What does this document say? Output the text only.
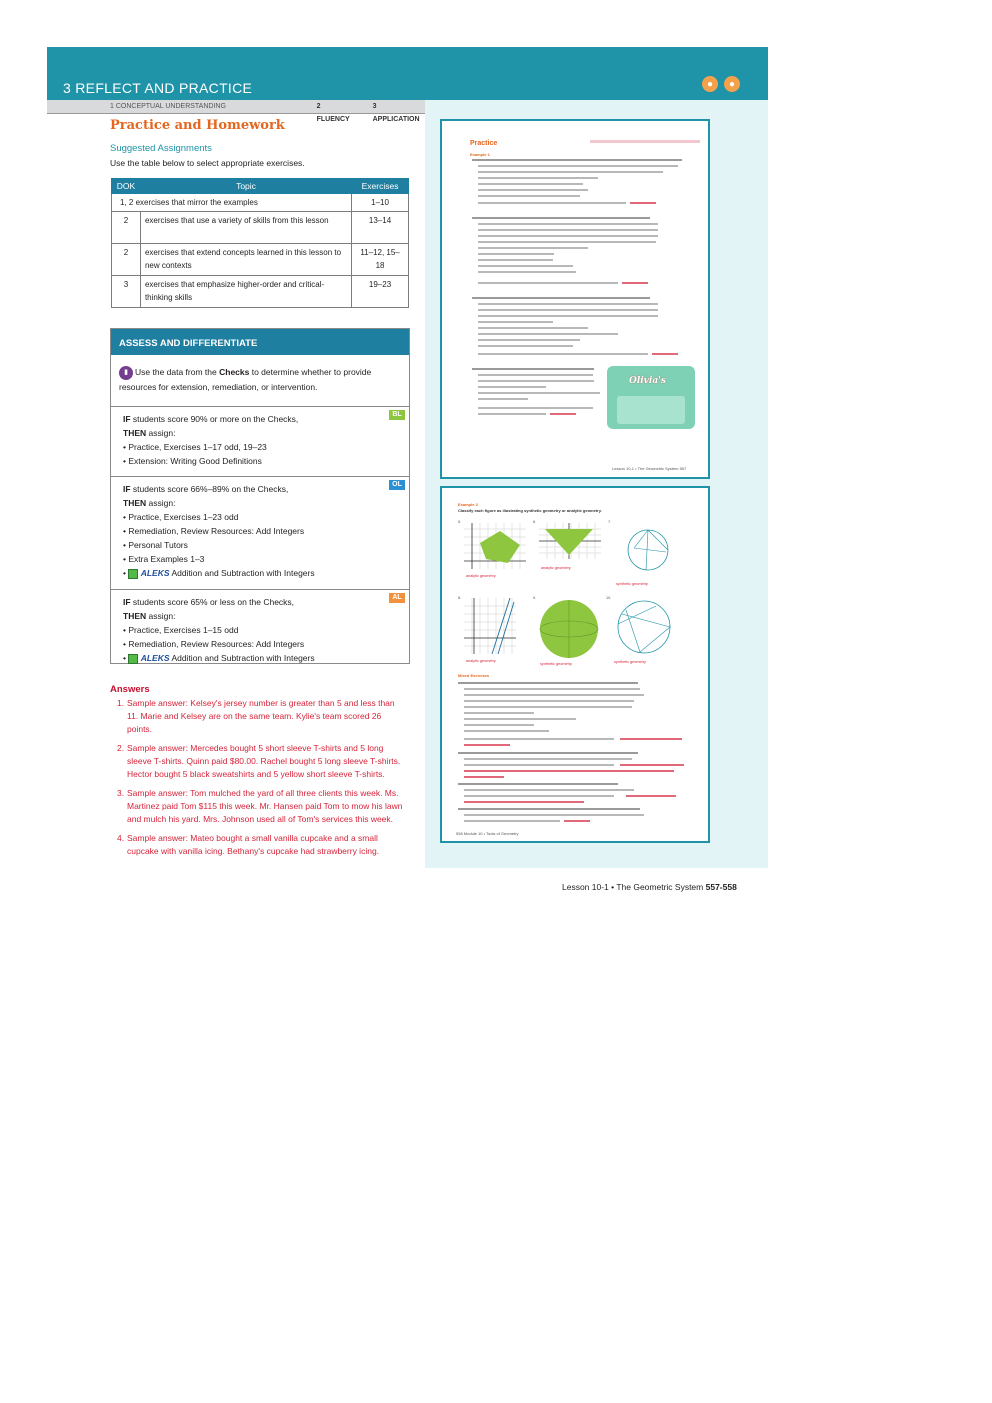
3 REFLECT AND PRACTICE	●	●
1 CONCEPTUAL UNDERSTANDING	2 FLUENCY
3 APPLICATION
Practice and Homework
Suggested Assignments
Use the table below to select appropriate exercises.
DOK	Topic	Exercises
1, 2 exercises that mirror the examples		1–10
2	exercises that use a variety of skills from this lesson	13–14
2	exercises that extend concepts learned in this lesson to new contexts	11–12, 15–18
3	exercises that emphasize higher-order and critical-thinking skills	19–23
ASSESS AND DIFFERENTIATE
▮ Use the data from the Checks to determine whether to provide resources for extension, remediation, or intervention.
BL
IF students score 90% or more on the Checks,
THEN assign:
• Practice, Exercises 1–17 odd, 19–23
• Extension: Writing Good Definitions
OL
IF students score 66%–89% on the Checks,
THEN assign:
• Practice, Exercises 1–23 odd
• Remediation, Review Resources: Add Integers
• Personal Tutors
• Extra Examples 1–3
•  ALEKS Addition and Subtraction with Integers
AL
IF students score 65% or less on the Checks,
THEN assign:
• Practice, Exercises 1–15 odd
• Remediation, Review Resources: Add Integers
•  ALEKS Addition and Subtraction with Integers
Answers
1. Sample answer: Kelsey's jersey number is greater than 5 and less than 11. Marie and Kelsey are on the same team. Kylie's team scored 26 points.
2. Sample answer: Mercedes bought 5 short sleeve T-shirts and 5 long sleeve T-shirts. Quinn paid $80.00. Rachel bought 5 long sleeve T-shirts. Hector bought 5 black sweatshirts and 5 yellow short sleeve T-shirts.
3. Sample answer: Tom mulched the yard of all three clients this week. Ms. Martinez paid Tom $115 this week. Mr. Hansen paid Tom to mow his lawn and mulch his yard. Mrs. Johnson used all of Tom's services this week.
4. Sample answer: Mateo bought a small vanilla cupcake and a small cupcake with vanilla icing. Bethany's cupcake had strawberry icing.
Lesson 10-1 • The Geometric System 557-558
Practice
Example 1
Olivia's
Lesson 10-1 • The Geometric System 557
Example 2
Classify each figure as illustrating synthetic geometry or analytic geometry.
5.	6.	7.
8.	9.	10.
analytic geometry
analytic geometry
synthetic geometry
analytic geometry
synthetic geometry	synthetic geometry
Mixed Exercises
558 Module 10 • Tools of Geometry
